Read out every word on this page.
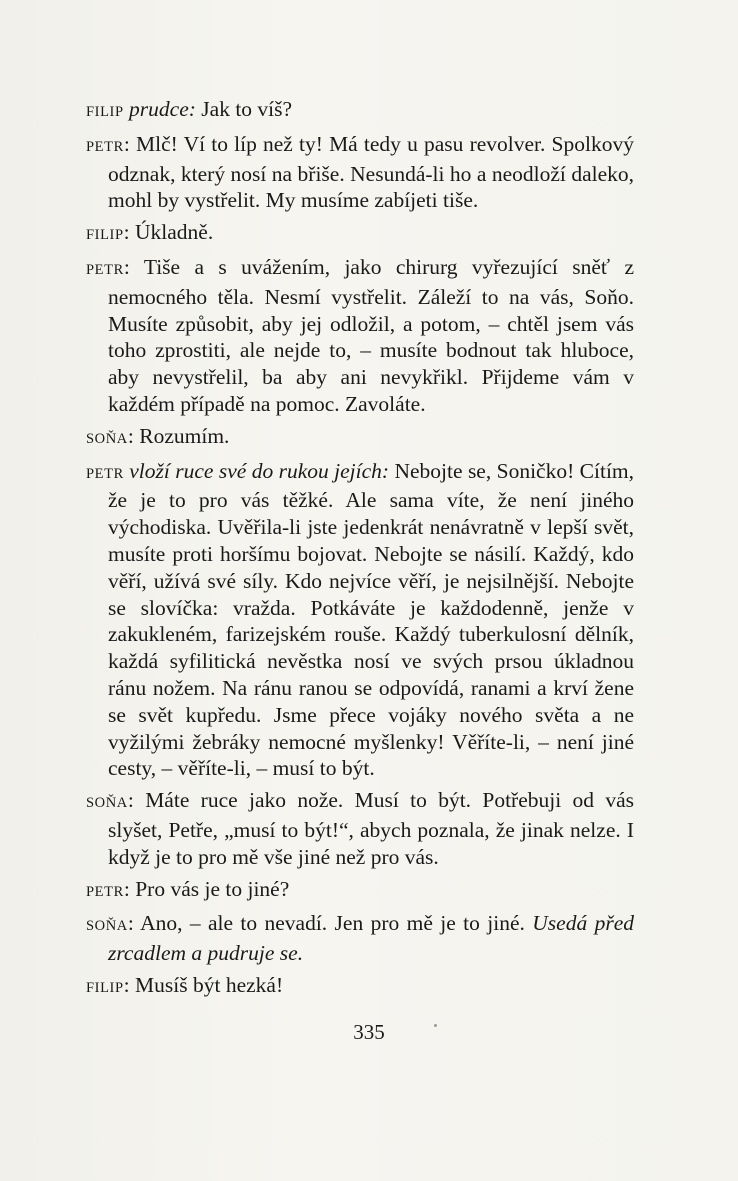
FILIP prudce: Jak to víš?

PETR: Mlč! Ví to líp než ty! Má tedy u pasu revolver. Spolkový odznak, který nosí na břiše. Nesundá-li ho a neodloží daleko, mohl by vystřelit. My musíme zabíjeti tiše.

FILIP: Úkladně.

PETR: Tiše a s uvážením, jako chirurg vyřezující sněť z nemocného těla. Nesmí vystřelit. Záleží to na vás, Soňo. Musíte způsobit, aby jej odložil, a potom, – chtěl jsem vás toho zprostiti, ale nejde to, – musíte bodnout tak hluboce, aby nevystřelil, ba aby ani nevykřikl. Přijdeme vám v každém případě na pomoc. Zavoláte.

SOŇA: Rozumím.

PETR vloží ruce své do rukou jejích: Nebojte se, Soničko! Cítím, že je to pro vás těžké. Ale sama víte, že není jiného východiska. Uvěřila-li jste jedenkrát nenávratně v lepší svět, musíte proti horšímu bojovat. Nebojte se násilí. Každý, kdo věří, užívá své síly. Kdo nejvíce věří, je nejsilnější. Nebojte se slovíčka: vražda. Potkáváte je každodenně, jenže v zakukleném, farizejském rouše. Každý tuberkulosní dělník, každá syfilitická nevěstka nosí ve svých prsou úkladnou ránu nožem. Na ránu ranou se odpovídá, ranami a krví žene se svět kupředu. Jsme přece vojáky nového světa a ne vyžilými žebráky nemocné myšlenky! Věříte-li, – není jiné cesty, – věříte-li, – musí to být.

SOŇA: Máte ruce jako nože. Musí to být. Potřebuji od vás slyšet, Petře, „musí to být!“, abych poznala, že jinak nelze. I když je to pro mě vše jiné než pro vás.

PETR: Pro vás je to jiné?

SOŇA: Ano, – ale to nevadí. Jen pro mě je to jiné. Usedá před zrcadlem a pudruje se.

FILIP: Musíš být hezká!

335
